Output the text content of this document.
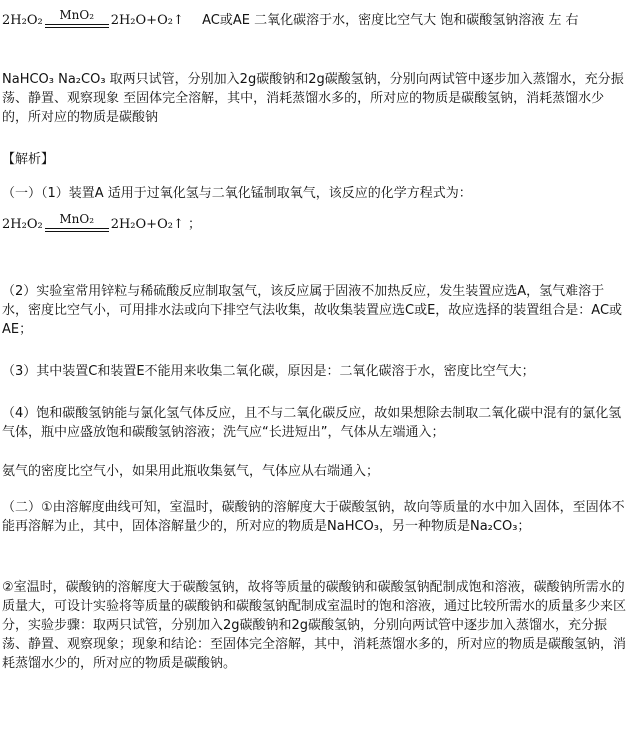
2H₂O₂	MnO₂	2H₂O+O₂↑ AC或AE 二氧化碳溶于水，密度比空气大 饱和碳酸氢钠溶液 左 右

NaHCO₃ Na₂CO₃ 取两只试管，分别加入2g碳酸钠和2g碳酸氢钠，分别向两试管中逐步加入蒸馏水，充分振荡、静置、观察现象 至固体完全溶解，其中，消耗蒸馏水多的，所对应的物质是碳酸氢钠，消耗蒸馏水少的，所对应的物质是碳酸钠

【解析】

（一）（1）装置A 适用于过氧化氢与二氧化锰制取氧气，该反应的化学方程式为：

2H₂O₂	MnO₂	2H₂O+O₂↑ ；

（2）实验室常用锌粒与稀硫酸反应制取氢气，该反应属于固液不加热反应，发生装置应选A，氢气难溶于水，密度比空气小，可用排水法或向下排空气法收集，故收集装置应选C或E，故应选择的装置组合是：AC或AE；

（3）其中装置C和装置E不能用来收集二氧化碳，原因是：二氧化碳溶于水，密度比空气大；

（4）饱和碳酸氢钠能与氯化氢气体反应，且不与二氧化碳反应，故如果想除去制取二氧化碳中混有的氯化氢气体，瓶中应盛放饱和碳酸氢钠溶液；洗气应“长进短出”，气体从左端通入；

氨气的密度比空气小，如果用此瓶收集氨气，气体应从右端通入；

（二）①由溶解度曲线可知，室温时，碳酸钠的溶解度大于碳酸氢钠，故向等质量的水中加入固体，至固体不能再溶解为止，其中，固体溶解量少的，所对应的物质是NaHCO₃，另一种物质是Na₂CO₃；

②室温时，碳酸钠的溶解度大于碳酸氢钠，故将等质量的碳酸钠和碳酸氢钠配制成饱和溶液，碳酸钠所需水的质量大，可设计实验将等质量的碳酸钠和碳酸氢钠配制成室温时的饱和溶液，通过比较所需水的质量多少来区分，实验步骤：取两只试管，分别加入2g碳酸钠和2g碳酸氢钠，分别向两试管中逐步加入蒸馏水，充分振荡、静置、观察现象；现象和结论：至固体完全溶解，其中，消耗蒸馏水多的，所对应的物质是碳酸氢钠，消耗蒸馏水少的，所对应的物质是碳酸钠。
